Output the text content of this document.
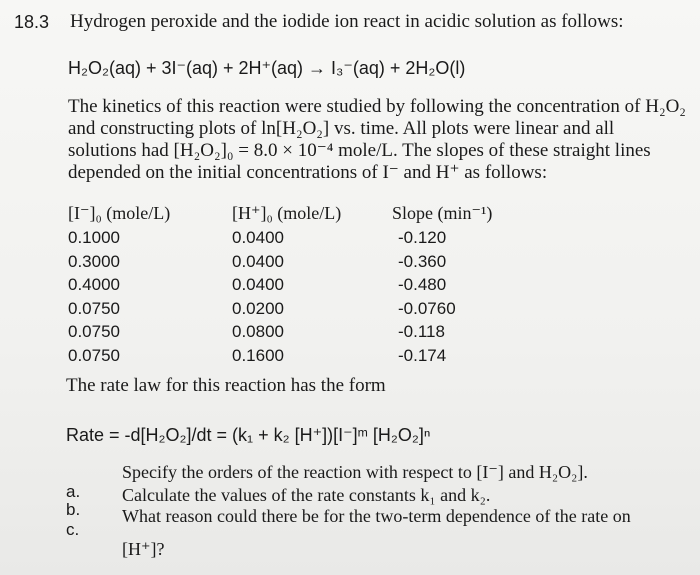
18.3 Hydrogen peroxide and the iodide ion react in acidic solution as follows:
H₂O₂(aq) + 3I⁻(aq) + 2H⁺(aq) → I₃⁻(aq) + 2H₂O(l)
The kinetics of this reaction were studied by following the concentration of H₂O₂
and constructing plots of ln[H₂O₂] vs. time. All plots were linear and all
solutions had [H₂O₂]₀ = 8.0 × 10⁻⁴ mole/L. The slopes of these straight lines
depended on the initial concentrations of I⁻ and H⁺ as follows:
[I⁻]₀ (mole/L)	[H⁺]₀ (mole/L)	Slope (min⁻¹)
0.1000	0.0400	-0.120
0.3000	0.0400	-0.360
0.4000	0.0400	-0.480
0.0750	0.0200	-0.0760
0.0750	0.0800	-0.118
0.0750	0.1600	-0.174
The rate law for this reaction has the form
Rate = -d[H₂O₂]/dt = (k₁ + k₂ [H⁺])[I⁻]ᵐ [H₂O₂]ⁿ
a.
b.
c.
Specify the orders of the reaction with respect to [I⁻] and H₂O₂].
Calculate the values of the rate constants k₁ and k₂.
What reason could there be for the two-term dependence of the rate on
[H⁺]?
